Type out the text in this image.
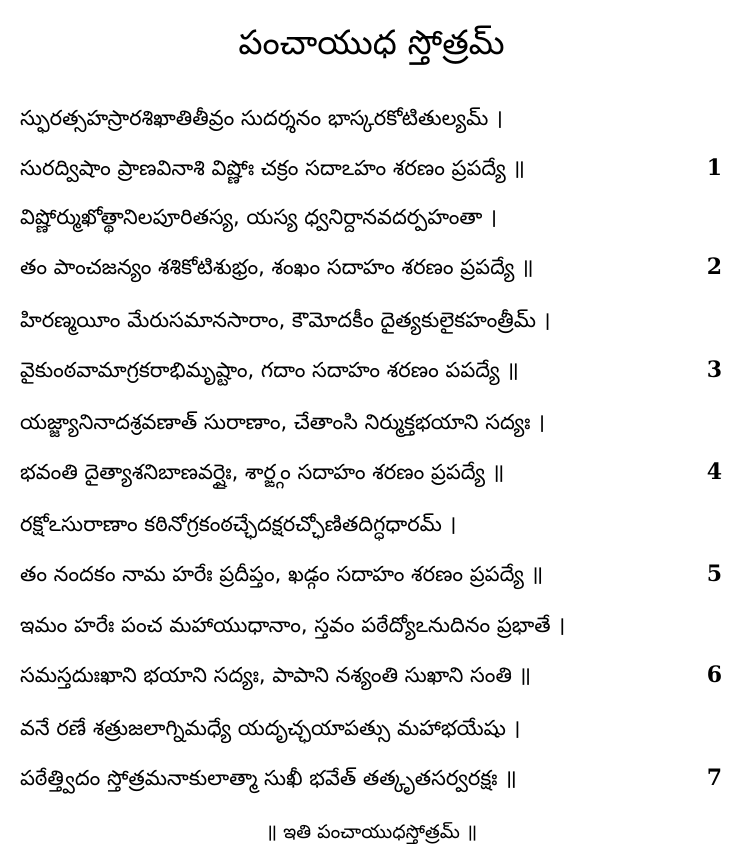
పంచాయుధ స్తోత్రమ్
స్ఫురత్సహస్రారశిఖాతితీవ్రం సుదర్శనం భాస్కరకోటితుల్యమ్ ।
సురద్విషాం ప్రాణవినాశి విష్ణోః చక్రం సదాఽహం శరణం ప్రపద్యే ॥	1
విష్ణోర్ముఖోత్థానిలపూరితస్య, యస్య ధ్వనిర్దానవదర్పహంతా ।
తం పాంచజన్యం శశికోటిశుభ్రం, శంఖం సదాహం శరణం ప్రపద్యే ॥	2
హిరణ్మయీం మేరుసమానసారాం, కౌమోదకీం దైత్యకులైకహంత్రీమ్ ।
వైకుంఠవామాగ్రకరాభిమృష్టాం, గదాం సదాహం శరణం పపద్యే ॥	3
యజ్జ్యానినాదశ్రవణాత్ సురాణాం, చేతాంసి నిర్ముక్తభయాని సద్యః ।
భవంతి దైత్యాశనిబాణవర్షైః, శార్ఙ్గం సదాహం శరణం ప్రపద్యే ॥	4
రక్షోఽసురాణాం కఠినోగ్రకంఠచ్ఛేదక్షరచ్ఛోణితదిగ్ధధారమ్ ।
తం నందకం నామ హరేః ప్రదీప్తం, ఖడ్గం సదాహం శరణం ప్రపద్యే ॥	5
ఇమం హరేః పంచ మహాయుధానాం, స్తవం పఠేద్యోఽనుదినం ప్రభాతే ।
సమస్తదుఃఖాని భయాని సద్యః, పాపాని నశ్యంతి సుఖాని సంతి ॥	6
వనే రణే శత్రుజలాగ్నిమధ్యే యదృచ్ఛయాపత్సు మహాభయేషు ।
పఠేత్త్విదం స్తోత్రమనాకులాత్మా సుఖీ భవేత్ తత్కృతసర్వరక్షః ॥	7
॥ ఇతి పంచాయుధస్తోత్రమ్ ॥
